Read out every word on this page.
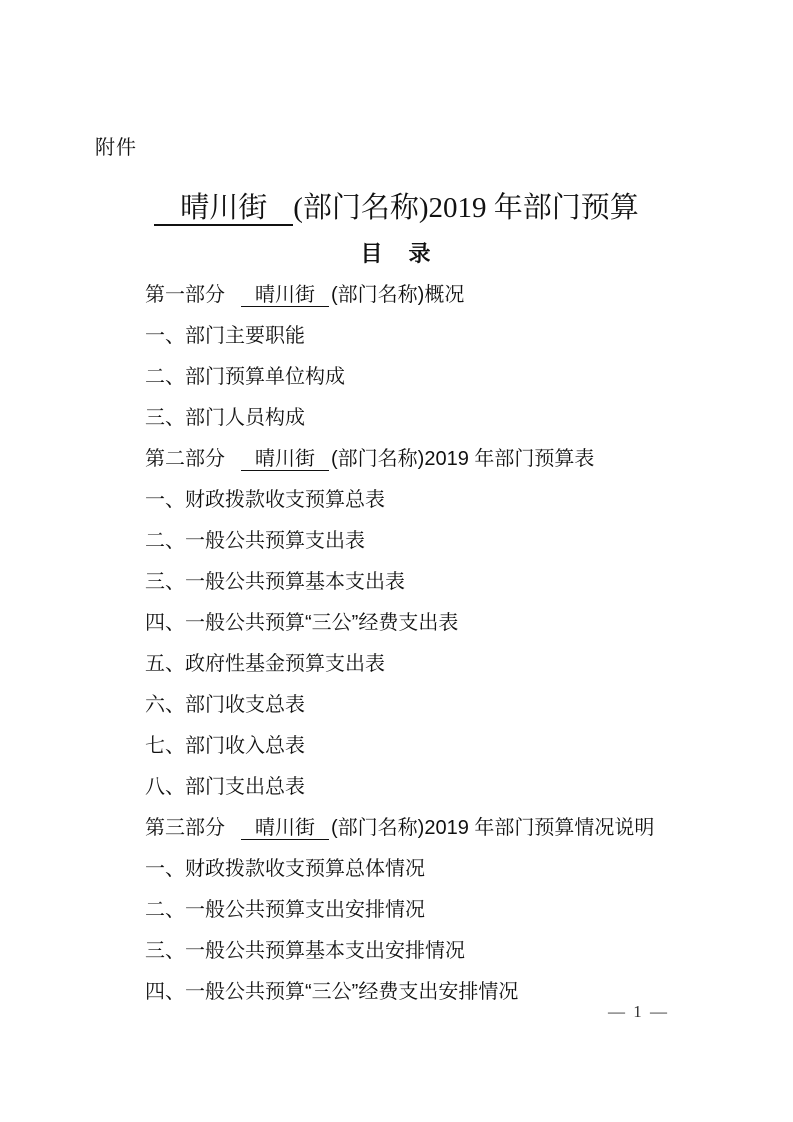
附件
晴川街 (部门名称)2019 年部门预算
目　录
第一部分 晴川街 (部门名称)概况
一、部门主要职能
二、部门预算单位构成
三、部门人员构成
第二部分 晴川街 (部门名称)2019 年部门预算表
一、财政拨款收支预算总表
二、一般公共预算支出表
三、一般公共预算基本支出表
四、一般公共预算“三公”经费支出表
五、政府性基金预算支出表
六、部门收支总表
七、部门收入总表
八、部门支出总表
第三部分 晴川街 (部门名称)2019 年部门预算情况说明
一、财政拨款收支预算总体情况
二、一般公共预算支出安排情况
三、一般公共预算基本支出安排情况
四、一般公共预算“三公”经费支出安排情况
— 1 —
